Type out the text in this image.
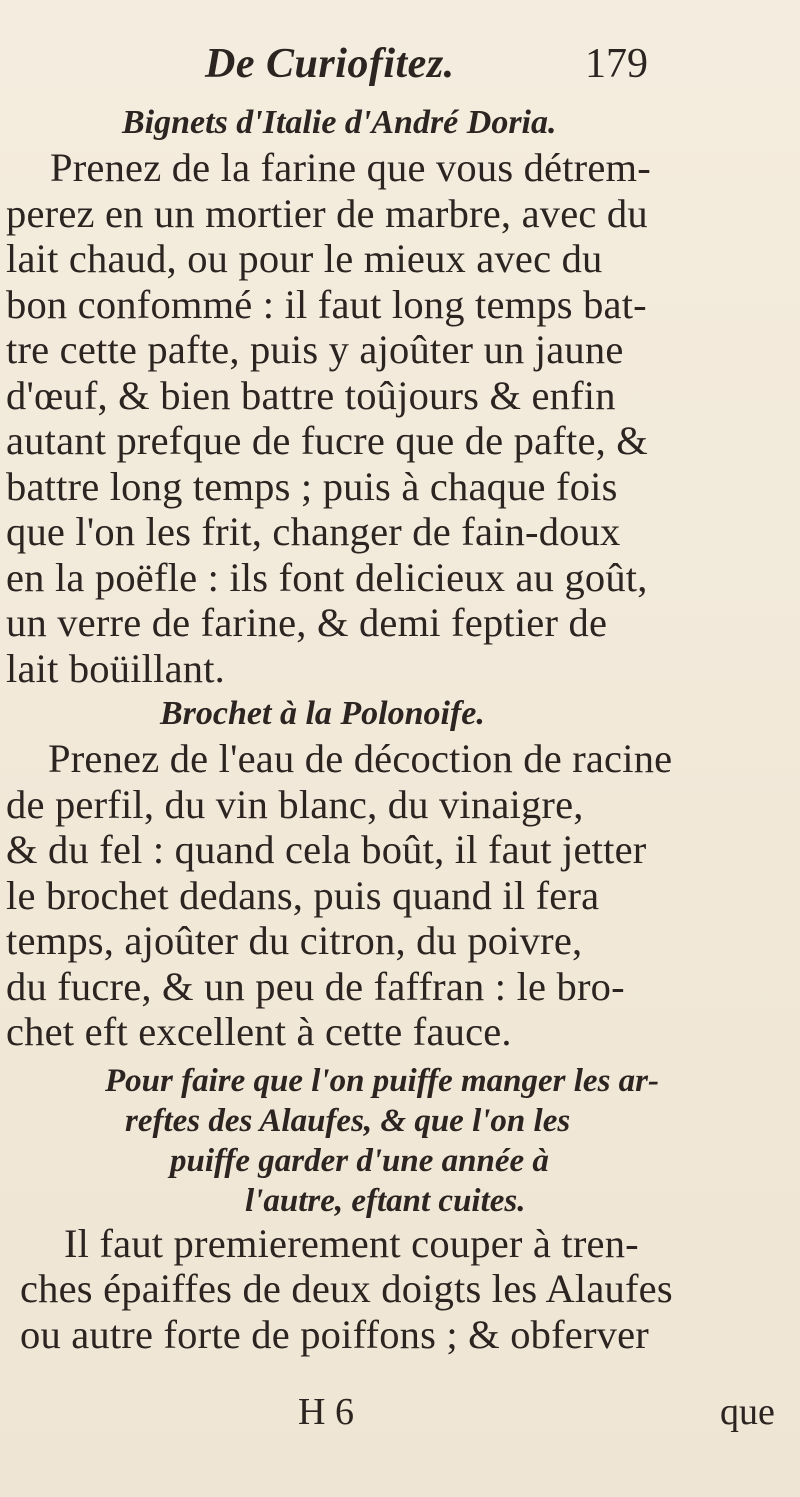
De Curiofitez.	179
Bignets d'Italie d'André Doria.
Prenez de la farine que vous détrem-
perez en un mortier de marbre, avec du
lait chaud, ou pour le mieux avec du
bon confommé : il faut long temps bat-
tre cette pafte, puis y ajoûter un jaune
d'œuf, & bien battre toûjours & enfin
autant prefque de fucre que de pafte, &
battre long temps ; puis à chaque fois
que l'on les frit, changer de fain-doux
en la poëfle : ils font delicieux au goût,
un verre de farine, & demi feptier de
lait boüillant.
Brochet à la Polonoife.
Prenez de l'eau de décoction de racine
de perfil, du vin blanc, du vinaigre,
& du fel : quand cela boût, il faut jetter
le brochet dedans, puis quand il fera
temps, ajoûter du citron, du poivre,
du fucre, & un peu de faffran : le bro-
chet eft excellent à cette fauce.
Pour faire que l'on puiffe manger les ar-
reftes des Alaufes, & que l'on les
puiffe garder d'une année à
l'autre, eftant cuites.
Il faut premierement couper à tren-
ches épaiffes de deux doigts les Alaufes
ou autre forte de poiffons ; & obferver
H 6	que
